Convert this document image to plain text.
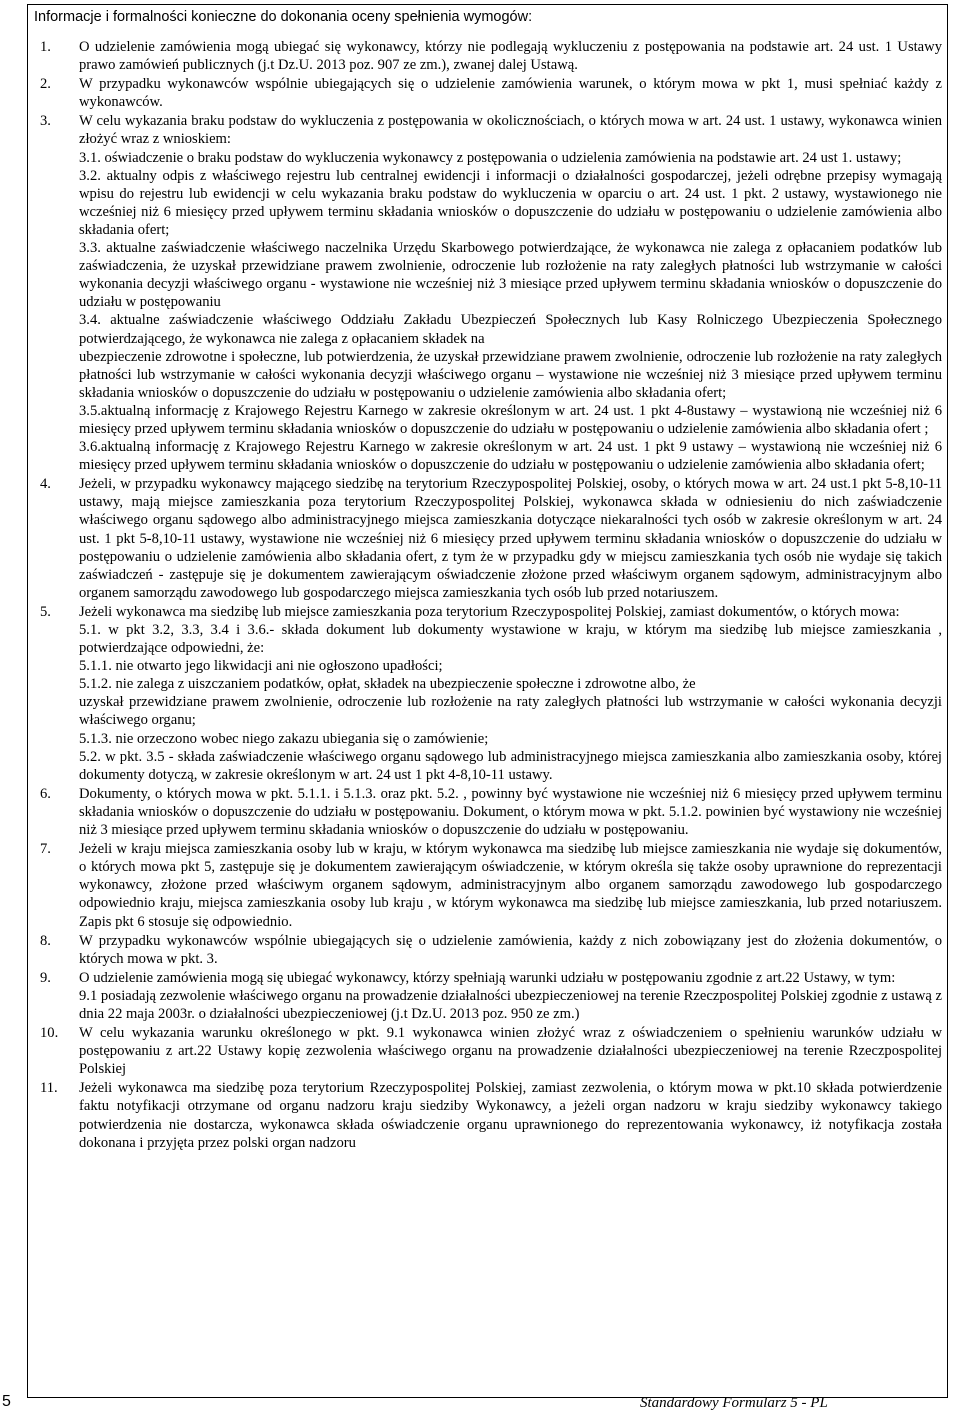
Informacje i formalności konieczne do dokonania oceny spełnienia wymogów:
1. O udzielenie zamówienia mogą ubiegać się wykonawcy, którzy nie podlegają wykluczeniu z postępowania na podstawie art. 24 ust. 1 Ustawy prawo zamówień publicznych (j.t Dz.U. 2013 poz. 907 ze zm.), zwanej dalej Ustawą.

2. W przypadku wykonawców wspólnie ubiegających się o udzielenie zamówienia warunek, o którym mowa w pkt 1, musi spełniać każdy z wykonawców.

3. W celu wykazania braku podstaw do wykluczenia z postępowania w okolicznościach, o których mowa w art. 24 ust. 1 ustawy, wykonawca winien złożyć wraz z wnioskiem:

3.1. oświadczenie o braku podstaw do wykluczenia wykonawcy z postępowania o udzielenia zamówienia na podstawie art. 24 ust 1. ustawy;

3.2. aktualny odpis z właściwego rejestru lub centralnej ewidencji i informacji o działalności gospodarczej, jeżeli odrębne przepisy wymagają wpisu do rejestru lub ewidencji w celu wykazania braku podstaw do wykluczenia w oparciu o art. 24 ust. 1 pkt. 2 ustawy, wystawionego nie wcześniej niż 6 miesięcy przed upływem terminu składania wniosków o dopuszczenie do udziału w postępowaniu o udzielenie zamówienia albo składania ofert;

3.3. aktualne zaświadczenie właściwego naczelnika Urzędu Skarbowego potwierdzające, że wykonawca nie zalega z opłacaniem podatków lub zaświadczenia, że uzyskał przewidziane prawem zwolnienie, odroczenie lub rozłożenie na raty zaległych płatności lub wstrzymanie w całości wykonania decyzji właściwego organu - wystawione nie wcześniej niż 3 miesiące przed upływem terminu składania wniosków o dopuszczenie do udziału w postępowaniu

3.4. aktualne zaświadczenie właściwego Oddziału Zakładu Ubezpieczeń Społecznych lub Kasy Rolniczego Ubezpieczenia Społecznego potwierdzającego, że wykonawca nie zalega z opłacaniem składek na

ubezpieczenie zdrowotne i społeczne, lub potwierdzenia, że uzyskał przewidziane prawem zwolnienie, odroczenie lub rozłożenie na raty zaległych płatności lub wstrzymanie w całości wykonania decyzji właściwego organu – wystawione nie wcześniej niż 3 miesiące przed upływem terminu składania wniosków o dopuszczenie do udziału w postępowaniu o udzielenie zamówienia albo składania ofert;

3.5.aktualną informację z Krajowego Rejestru Karnego w zakresie określonym w art. 24 ust. 1 pkt 4-8ustawy – wystawioną nie wcześniej niż 6 miesięcy przed upływem terminu składania wniosków o dopuszczenie do udziału w postępowaniu o udzielenie zamówienia albo składania ofert ;

3.6.aktualną informację z Krajowego Rejestru Karnego w zakresie określonym w art. 24 ust. 1 pkt 9 ustawy – wystawioną nie wcześniej niż 6 miesięcy przed upływem terminu składania wniosków o dopuszczenie do udziału w postępowaniu o udzielenie zamówienia albo składania ofert;

4. Jeżeli, w przypadku wykonawcy mającego siedzibę na terytorium Rzeczypospolitej Polskiej, osoby, o których mowa w art. 24 ust.1 pkt 5-8,10-11 ustawy, mają miejsce zamieszkania poza terytorium Rzeczypospolitej Polskiej, wykonawca składa w odniesieniu do nich zaświadczenie właściwego organu sądowego albo administracyjnego miejsca zamieszkania dotyczące niekaralności tych osób w zakresie określonym w art. 24 ust. 1 pkt 5-8,10-11 ustawy, wystawione nie wcześniej niż 6 miesięcy przed upływem terminu składania wniosków o dopuszczenie do udziału w postępowaniu o udzielenie zamówienia albo składania ofert, z tym że w przypadku gdy w miejscu zamieszkania tych osób nie wydaje się takich zaświadczeń - zastępuje się je dokumentem zawierającym oświadczenie złożone przed właściwym organem sądowym, administracyjnym albo organem samorządu zawodowego lub gospodarczego miejsca zamieszkania tych osób lub przed notariuszem.

5. Jeżeli wykonawca ma siedzibę lub miejsce zamieszkania poza terytorium Rzeczypospolitej Polskiej, zamiast dokumentów, o których mowa:

5.1. w pkt 3.2, 3.3, 3.4 i 3.6.- składa dokument lub dokumenty wystawione w kraju, w którym ma siedzibę lub miejsce zamieszkania , potwierdzające odpowiedni, że:

5.1.1. nie otwarto jego likwidacji ani nie ogłoszono upadłości;

5.1.2. nie zalega z uiszczaniem podatków, opłat, składek na ubezpieczenie społeczne i zdrowotne albo, że

uzyskał przewidziane prawem zwolnienie, odroczenie lub rozłożenie na raty zaległych płatności lub wstrzymanie w całości wykonania decyzji właściwego organu;

5.1.3. nie orzeczono wobec niego zakazu ubiegania się o zamówienie;

5.2. w pkt. 3.5 - składa zaświadczenie właściwego organu sądowego lub administracyjnego miejsca zamieszkania albo zamieszkania osoby, której dokumenty dotyczą, w zakresie określonym w art. 24 ust 1 pkt 4-8,10-11 ustawy.

6. Dokumenty, o których mowa w pkt. 5.1.1. i 5.1.3. oraz pkt. 5.2. , powinny być wystawione nie wcześniej niż 6 miesięcy przed upływem terminu składania wniosków o dopuszczenie do udziału w postępowaniu. Dokument, o którym mowa w pkt. 5.1.2. powinien być wystawiony nie wcześniej niż 3 miesiące przed upływem terminu składania wniosków o dopuszczenie do udziału w postępowaniu.

7. Jeżeli w kraju miejsca zamieszkania osoby lub w kraju, w którym wykonawca ma siedzibę lub miejsce zamieszkania nie wydaje się dokumentów, o których mowa pkt 5, zastępuje się je dokumentem zawierającym oświadczenie, w którym określa się także osoby uprawnione do reprezentacji wykonawcy, złożone przed właściwym organem sądowym, administracyjnym albo organem samorządu zawodowego lub gospodarczego odpowiednio kraju, miejsca zamieszkania osoby lub kraju , w którym wykonawca ma siedzibę lub miejsce zamieszkania, lub przed notariuszem. Zapis pkt 6 stosuje się odpowiednio.

8. W przypadku wykonawców wspólnie ubiegających się o udzielenie zamówienia, każdy z nich zobowiązany jest do złożenia dokumentów, o których mowa w pkt. 3.

9. O udzielenie zamówienia mogą się ubiegać wykonawcy, którzy spełniają warunki udziału w postępowaniu zgodnie z art.22 Ustawy, w tym:

9.1 posiadają zezwolenie właściwego organu na prowadzenie działalności ubezpieczeniowej na terenie Rzeczpospolitej Polskiej zgodnie z ustawą z dnia 22 maja 2003r. o działalności ubezpieczeniowej (j.t Dz.U. 2013 poz. 950 ze zm.)

10. W celu wykazania warunku określonego w pkt. 9.1 wykonawca winien złożyć wraz z oświadczeniem o spełnieniu warunków udziału w postępowaniu z art.22 Ustawy kopię zezwolenia właściwego organu na prowadzenie działalności ubezpieczeniowej na terenie Rzeczpospolitej Polskiej

11. Jeżeli wykonawca ma siedzibę poza terytorium Rzeczypospolitej Polskiej, zamiast zezwolenia, o którym mowa w pkt.10 składa potwierdzenie faktu notyfikacji otrzymane od organu nadzoru kraju siedziby Wykonawcy, a jeżeli organ nadzoru w kraju siedziby wykonawcy takiego potwierdzenia nie dostarcza, wykonawca składa oświadczenie organu uprawnionego do reprezentowania wykonawcy, iż notyfikacja została dokonana i przyjęta przez polski organ nadzoru

5	Standardowy Formularz 5 - PL
